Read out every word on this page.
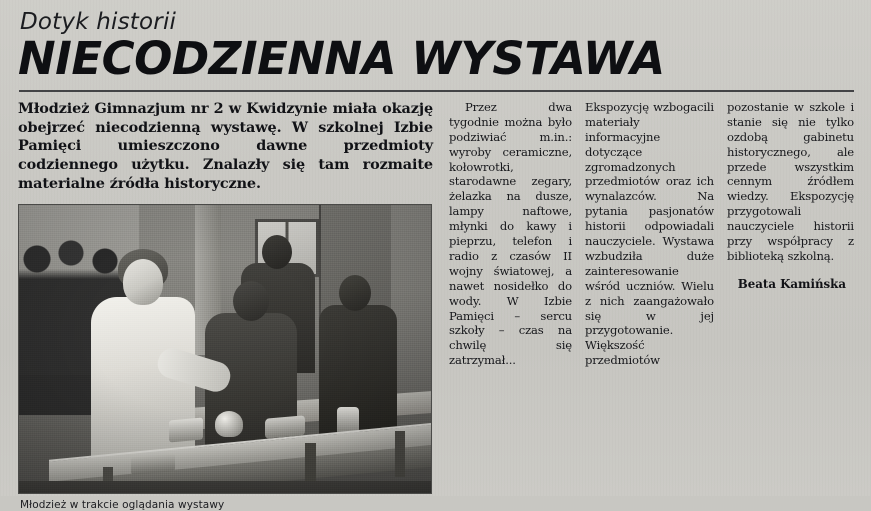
Dotyk historii
NIECODZIENNA WYSTAWA

Młodzież Gimnazjum nr 2 w Kwidzynie miała okazję obejrzeć niecodzienną wystawę. W szkolnej Izbie Pamięci umieszczono dawne przedmioty codziennego użytku. Znalazły się tam rozmaite materialne źródła historyczne.

Młodzież w trakcie oglądania wystawy

Przez dwa tygodnie można było podziwiać m.in.: wyroby ceramiczne, kołowrotki, starodawne zegary, żelazka na dusze, lampy naftowe, młynki do kawy i pieprzu, telefon i radio z czasów II wojny światowej, a nawet nosidełko do wody. W Izbie Pamięci – sercu szkoły – czas na chwilę się zatrzymał...

Ekspozycję wzbogacili materiały informacyjne dotyczące zgromadzonych przedmiotów oraz ich wynalazców. Na pytania pasjonatów historii odpowiadali nauczyciele. Wystawa wzbudziła duże zainteresowanie wśród uczniów. Wielu z nich zaangażowało się w jej przygotowanie. Większość przedmiotów

pozostanie w szkole i stanie się nie tylko ozdobą gabinetu historycznego, ale przede wszystkim cennym źródłem wiedzy. Ekspozycję przygotowali nauczyciele historii przy współpracy z biblioteką szkolną.

Beata Kamińska
